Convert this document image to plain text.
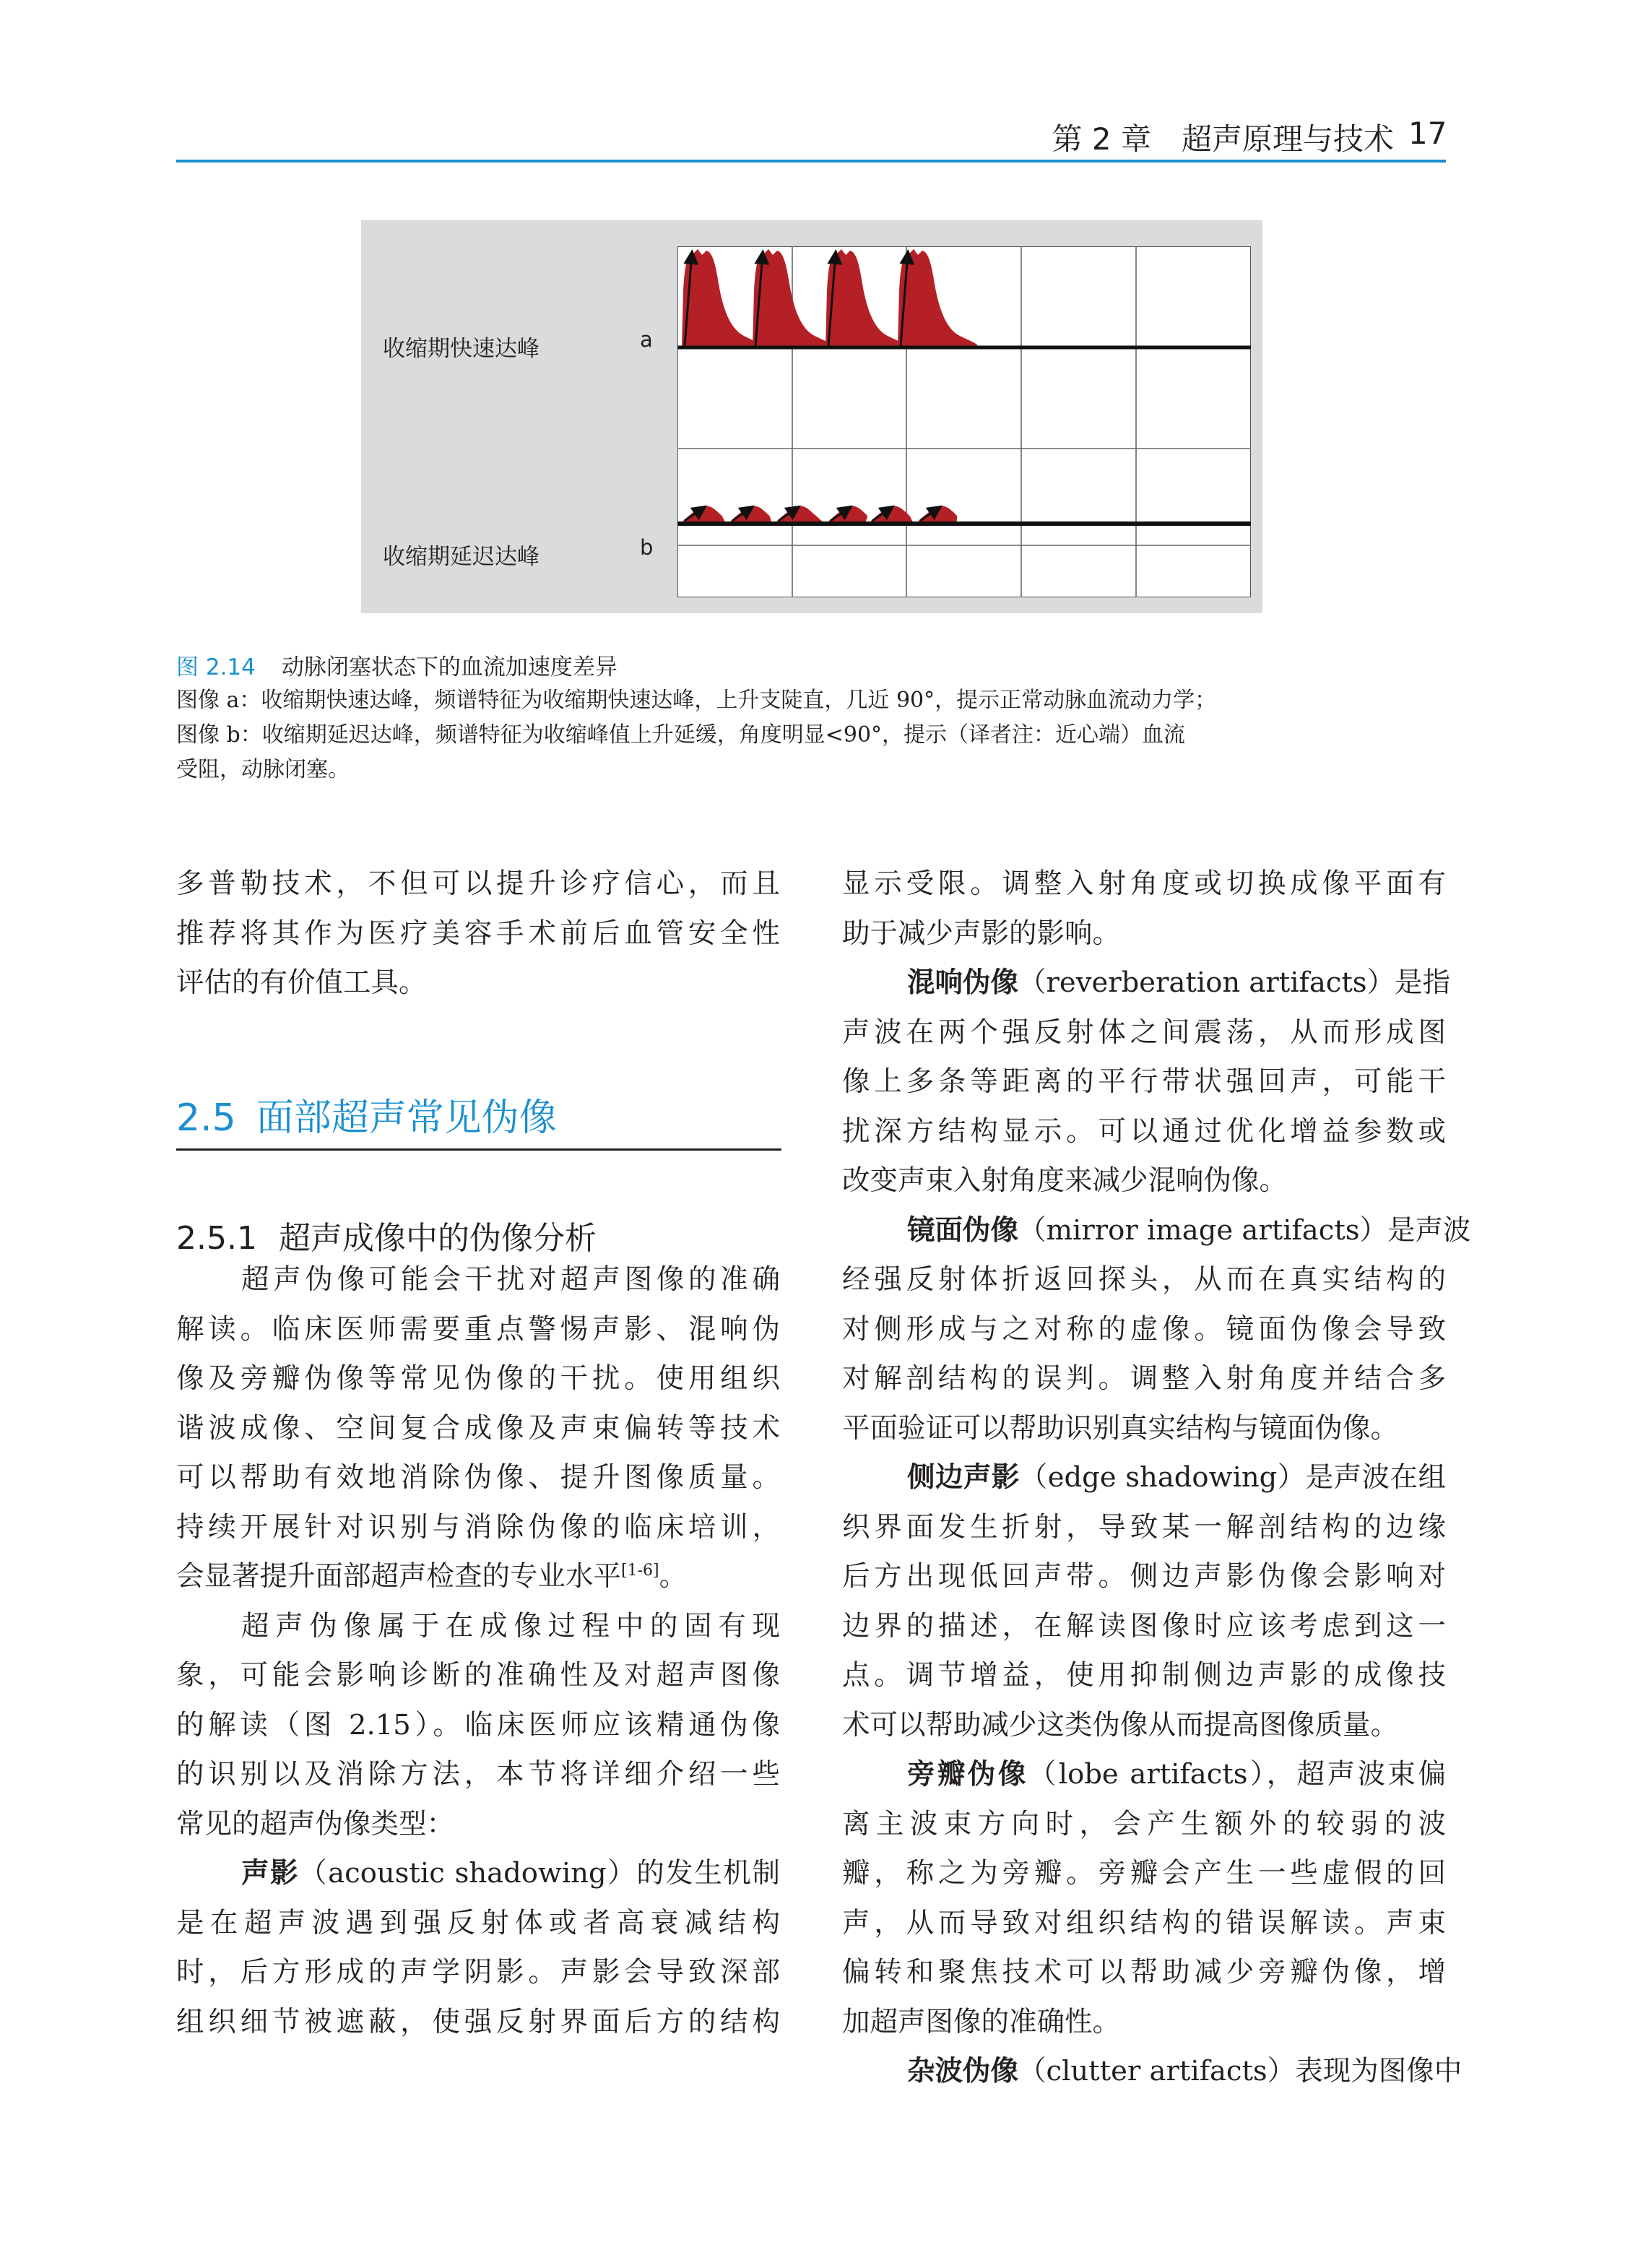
第 2 章　超声原理与技术 17
收缩期快速达峰	a
收缩期延迟达峰	b
图 2.14 动脉闭塞状态下的血流加速度差异
图像 a：收缩期快速达峰，频谱特征为收缩期快速达峰，上升支陡直，几近 90°，提示正常动脉血流动力学；
图像 b：收缩期延迟达峰，频谱特征为收缩峰值上升延缓，角度明显<90°，提示（译者注：近心端）血流
受阻，动脉闭塞。
2.5 面部超声常见伪像
2.5.1 超声成像中的伪像分析
多普勒技术，不但可以提升诊疗信心，而且
推荐将其作为医疗美容手术前后血管安全性
评估的有价值工具。
超声伪像可能会干扰对超声图像的准确
解读。临床医师需要重点警惕声影、混响伪
像及旁瓣伪像等常见伪像的干扰。使用组织
谐波成像、空间复合成像及声束偏转等技术
可以帮助有效地消除伪像、提升图像质量。
持续开展针对识别与消除伪像的临床培训，
会显著提升面部超声检查的专业水平[1-6]。
超声伪像属于在成像过程中的固有现
象，可能会影响诊断的准确性及对超声图像
的解读（图 2.15）。临床医师应该精通伪像
的识别以及消除方法，本节将详细介绍一些
常见的超声伪像类型：
声影（acoustic shadowing）的发生机制
是在超声波遇到强反射体或者高衰减结构
时，后方形成的声学阴影。声影会导致深部
组织细节被遮蔽，使强反射界面后方的结构
显示受限。调整入射角度或切换成像平面有
助于减少声影的影响。
混响伪像（reverberation artifacts）是指
声波在两个强反射体之间震荡，从而形成图
像上多条等距离的平行带状强回声，可能干
扰深方结构显示。可以通过优化增益参数或
改变声束入射角度来减少混响伪像。
镜面伪像（mirror image artifacts）是声波
经强反射体折返回探头，从而在真实结构的
对侧形成与之对称的虚像。镜面伪像会导致
对解剖结构的误判。调整入射角度并结合多
平面验证可以帮助识别真实结构与镜面伪像。
侧边声影（edge shadowing）是声波在组
织界面发生折射，导致某一解剖结构的边缘
后方出现低回声带。侧边声影伪像会影响对
边界的描述，在解读图像时应该考虑到这一
点。调节增益，使用抑制侧边声影的成像技
术可以帮助减少这类伪像从而提高图像质量。
旁瓣伪像（lobe artifacts），超声波束偏
离主波束方向时，会产生额外的较弱的波
瓣，称之为旁瓣。旁瓣会产生一些虚假的回
声，从而导致对组织结构的错误解读。声束
偏转和聚焦技术可以帮助减少旁瓣伪像，增
加超声图像的准确性。
杂波伪像（clutter artifacts）表现为图像中
